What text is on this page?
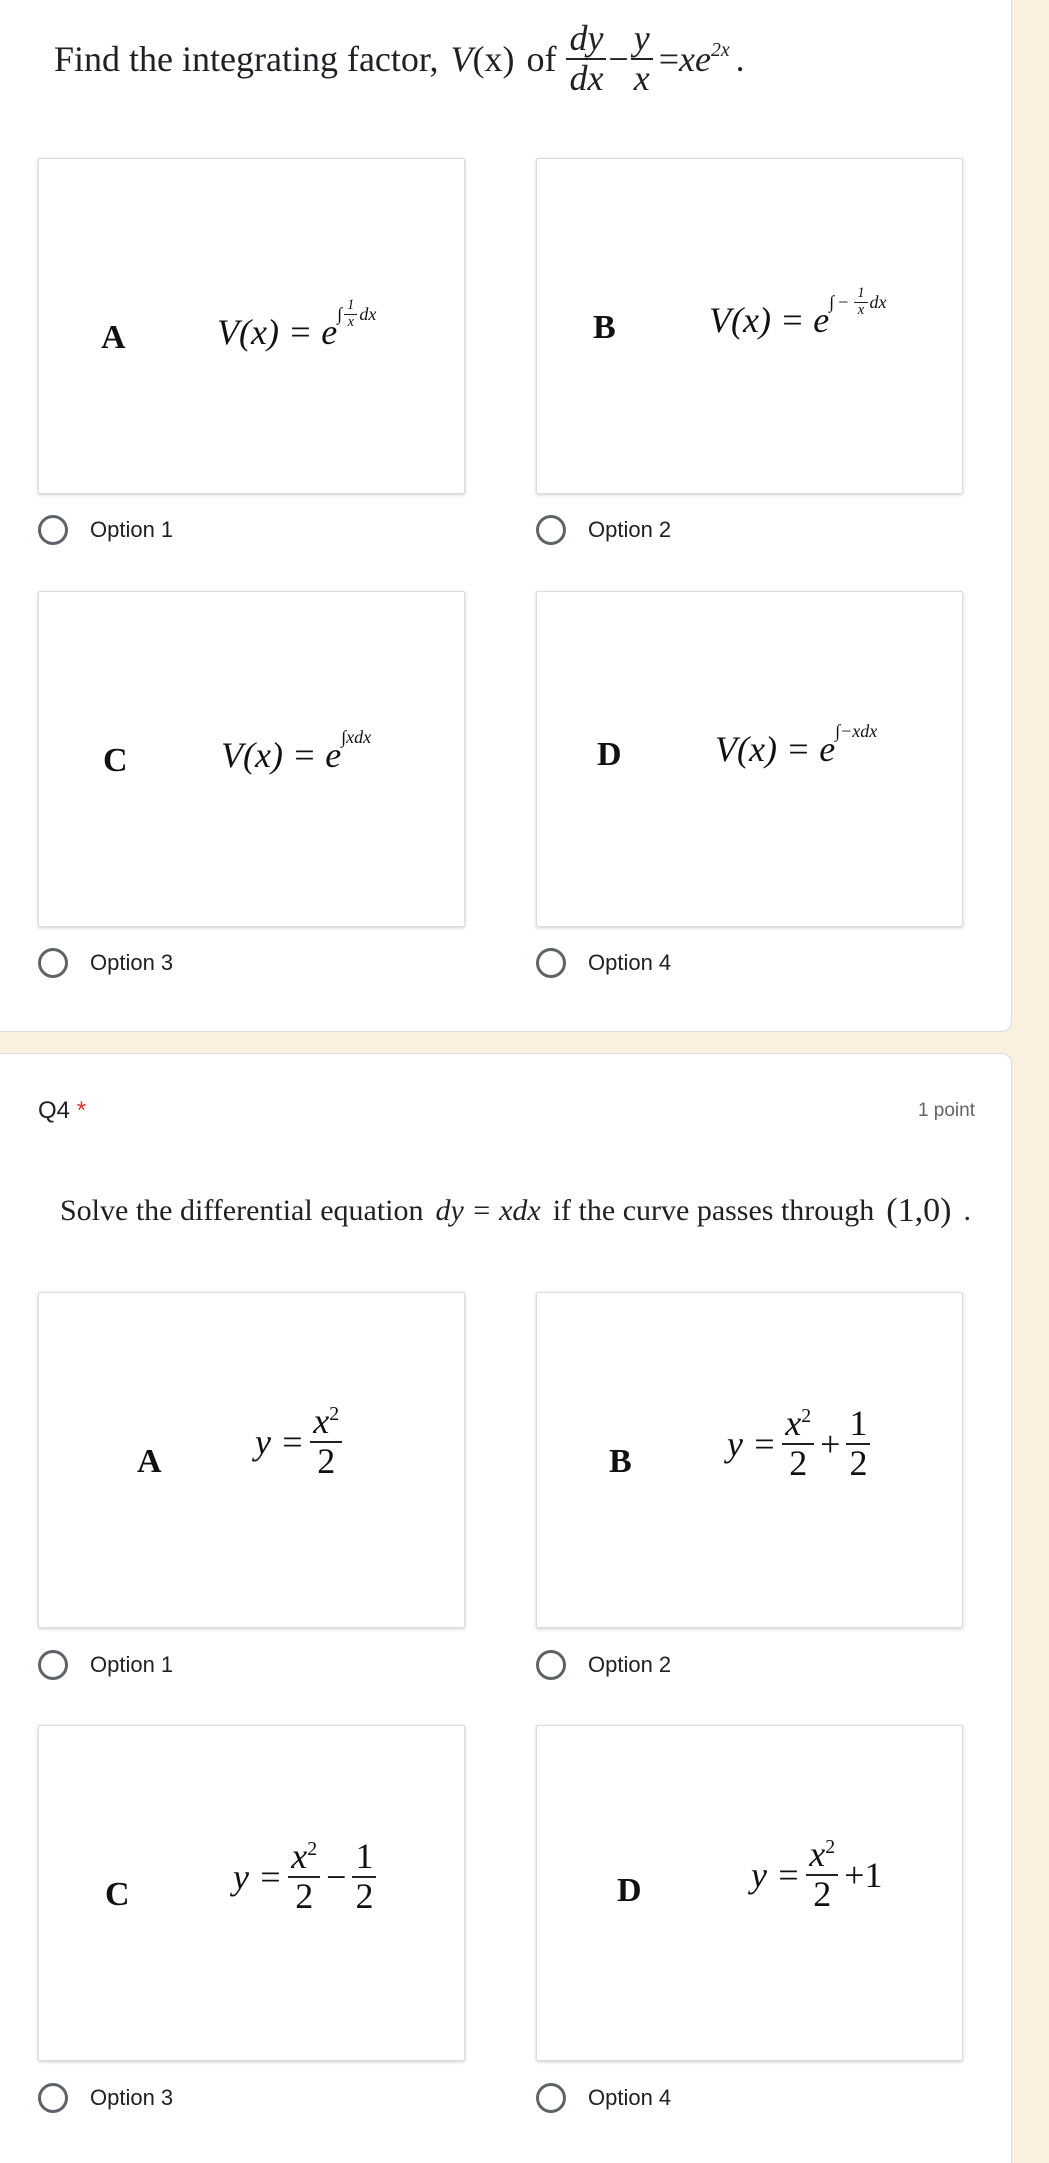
Find the integrating factor, V (x) of $\frac{dy}{dx} - \frac{y}{x} = xe^{2x}$ .
A	V(x) = e ∫ $\frac{1}{x}$ dx
Option 1
B	V(x) = e ∫ − $\frac{1}{x}$ dx
Option 2
C	V(x) = e ∫ xdx
Option 3
D	V(x) = e ∫ −xdx
Option 4
Q4 *	1 point
Solve the differential equation dy = xdx if the curve passes through (1,0) .
A	$y = \frac{x^2}{2}$
Option 1
B	$y = \frac{x^2}{2} + \frac{1}{2}$
Option 2
C	$y = \frac{x^2}{2} - \frac{1}{2}$
Option 3
D	$y = \frac{x^2}{2} +1$
Option 4
